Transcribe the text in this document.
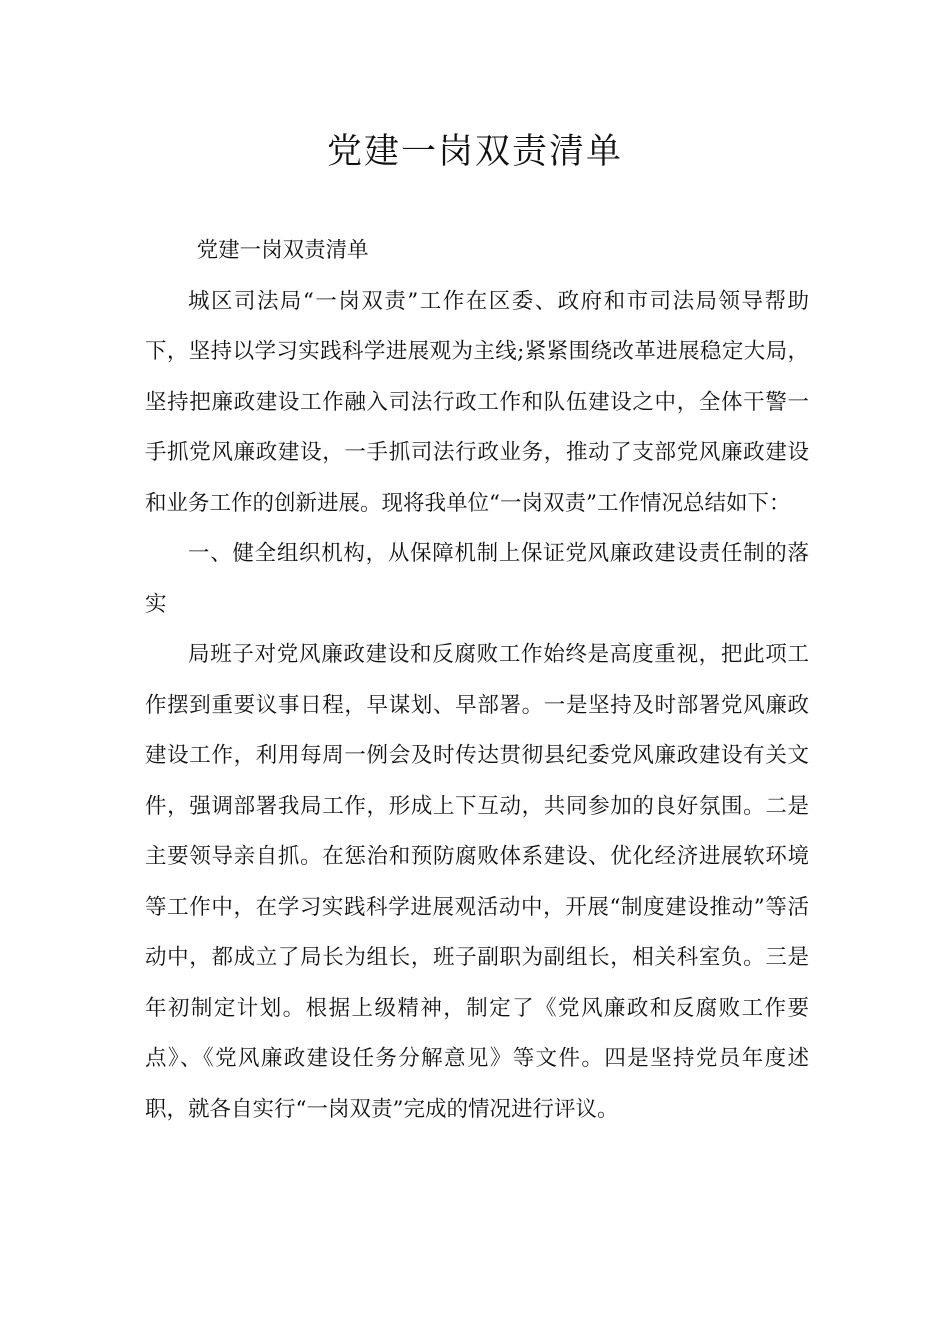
党建一岗双责清单

党建一岗双责清单

城区司法局“一岗双责”工作在区委、政府和市司法局领导帮助下，坚持以学习实践科学进展观为主线;紧紧围绕改革进展稳定大局，坚持把廉政建设工作融入司法行政工作和队伍建设之中，全体干警一手抓党风廉政建设，一手抓司法行政业务，推动了支部党风廉政建设和业务工作的创新进展。现将我单位“一岗双责”工作情况总结如下：

一、健全组织机构，从保障机制上保证党风廉政建设责任制的落实

局班子对党风廉政建设和反腐败工作始终是高度重视，把此项工作摆到重要议事日程，早谋划、早部署。一是坚持及时部署党风廉政建设工作，利用每周一例会及时传达贯彻县纪委党风廉政建设有关文件，强调部署我局工作，形成上下互动，共同参加的良好氛围。二是主要领导亲自抓。在惩治和预防腐败体系建设、优化经济进展软环境等工作中，在学习实践科学进展观活动中，开展“制度建设推动”等活动中，都成立了局长为组长，班子副职为副组长，相关科室负。三是年初制定计划。根据上级精神，制定了《党风廉政和反腐败工作要点》、《党风廉政建设任务分解意见》等文件。四是坚持党员年度述职，就各自实行“一岗双责”完成的情况进行评议。
